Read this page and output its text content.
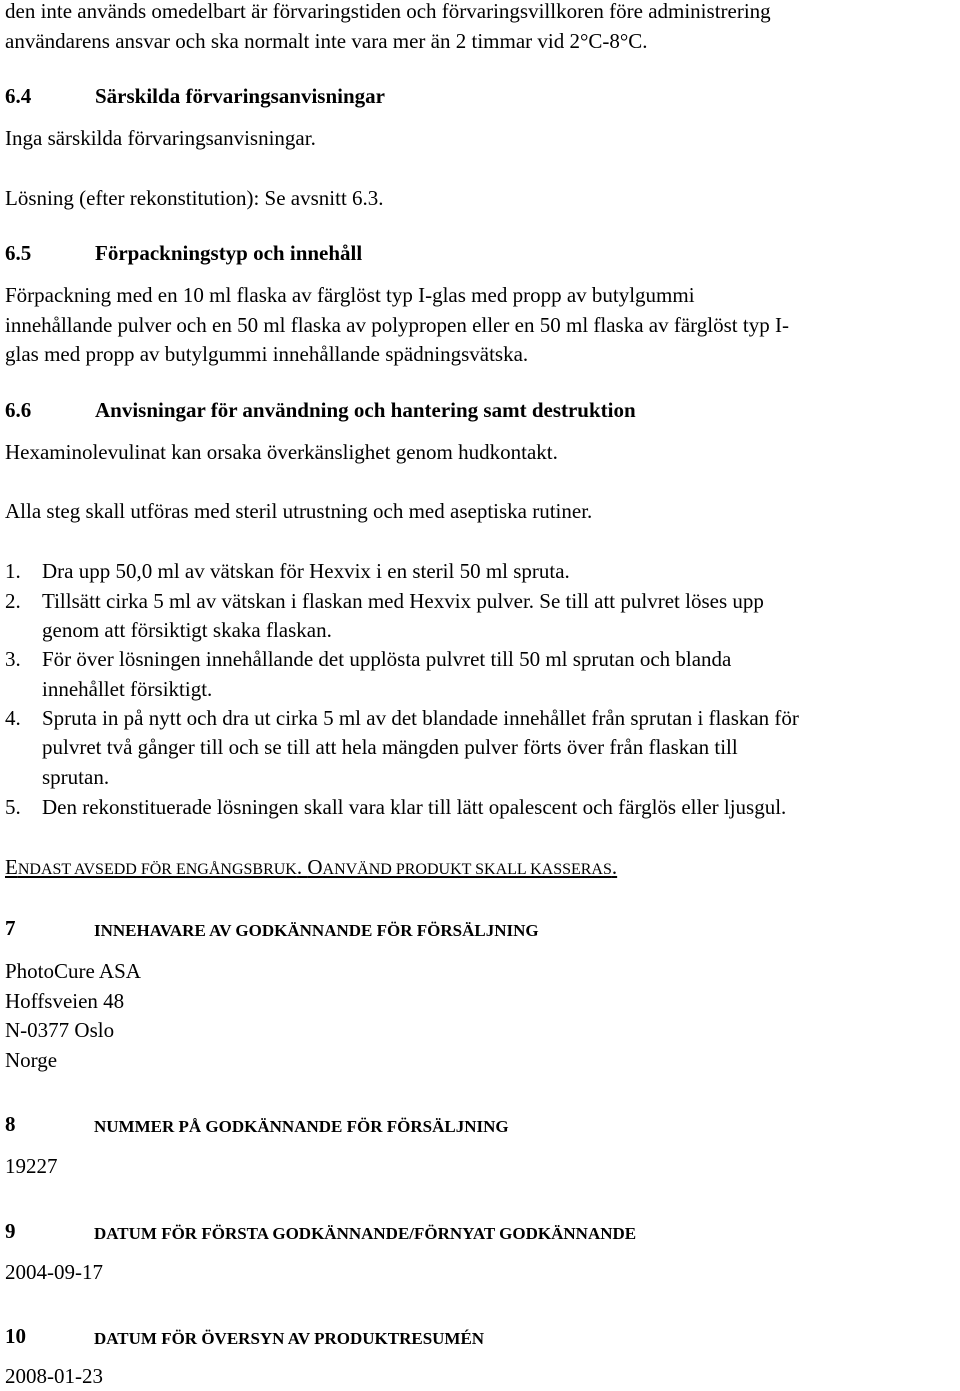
den inte används omedelbart är förvaringstiden och förvaringsvillkoren före administrering
användarens ansvar och ska normalt inte vara mer än 2 timmar vid 2°C-8°C.
6.4	Särskilda förvaringsanvisningar
Inga särskilda förvaringsanvisningar.
Lösning (efter rekonstitution): Se avsnitt 6.3.
6.5	Förpackningstyp och innehåll
Förpackning med en 10 ml flaska av färglöst typ I-glas med propp av butylgummi
innehållande pulver och en 50 ml flaska av polypropen eller en 50 ml flaska av färglöst typ I-
glas med propp av butylgummi innehållande spädningsvätska.
6.6	Anvisningar för användning och hantering samt destruktion
Hexaminolevulinat kan orsaka överkänslighet genom hudkontakt.
Alla steg skall utföras med steril utrustning och med aseptiska rutiner.
1. Dra upp 50,0 ml av vätskan för Hexvix i en steril 50 ml spruta.
2. Tillsätt cirka 5 ml av vätskan i flaskan med Hexvix pulver. Se till att pulvret löses upp
genom att försiktigt skaka flaskan.
3. För över lösningen innehållande det upplösta pulvret till 50 ml sprutan och blanda
innehållet försiktigt.
4. Spruta in på nytt och dra ut cirka 5 ml av det blandade innehållet från sprutan i flaskan för
pulvret två gånger till och se till att hela mängden pulver förts över från flaskan till
sprutan.
5. Den rekonstituerade lösningen skall vara klar till lätt opalescent och färglös eller ljusgul.
ENDAST AVSEDD FÖR ENGÅNGSBRUK. OANVÄND PRODUKT SKALL KASSERAS.
7	INNEHAVARE AV GODKÄNNANDE FÖR FÖRSÄLJNING
PhotoCure ASA
Hoffsveien 48
N-0377 Oslo
Norge
8	NUMMER PÅ GODKÄNNANDE FÖR FÖRSÄLJNING
19227
9	DATUM FÖR FÖRSTA GODKÄNNANDE/FÖRNYAT GODKÄNNANDE
2004-09-17
10	DATUM FÖR ÖVERSYN AV PRODUKTRESUMÉN
2008-01-23
